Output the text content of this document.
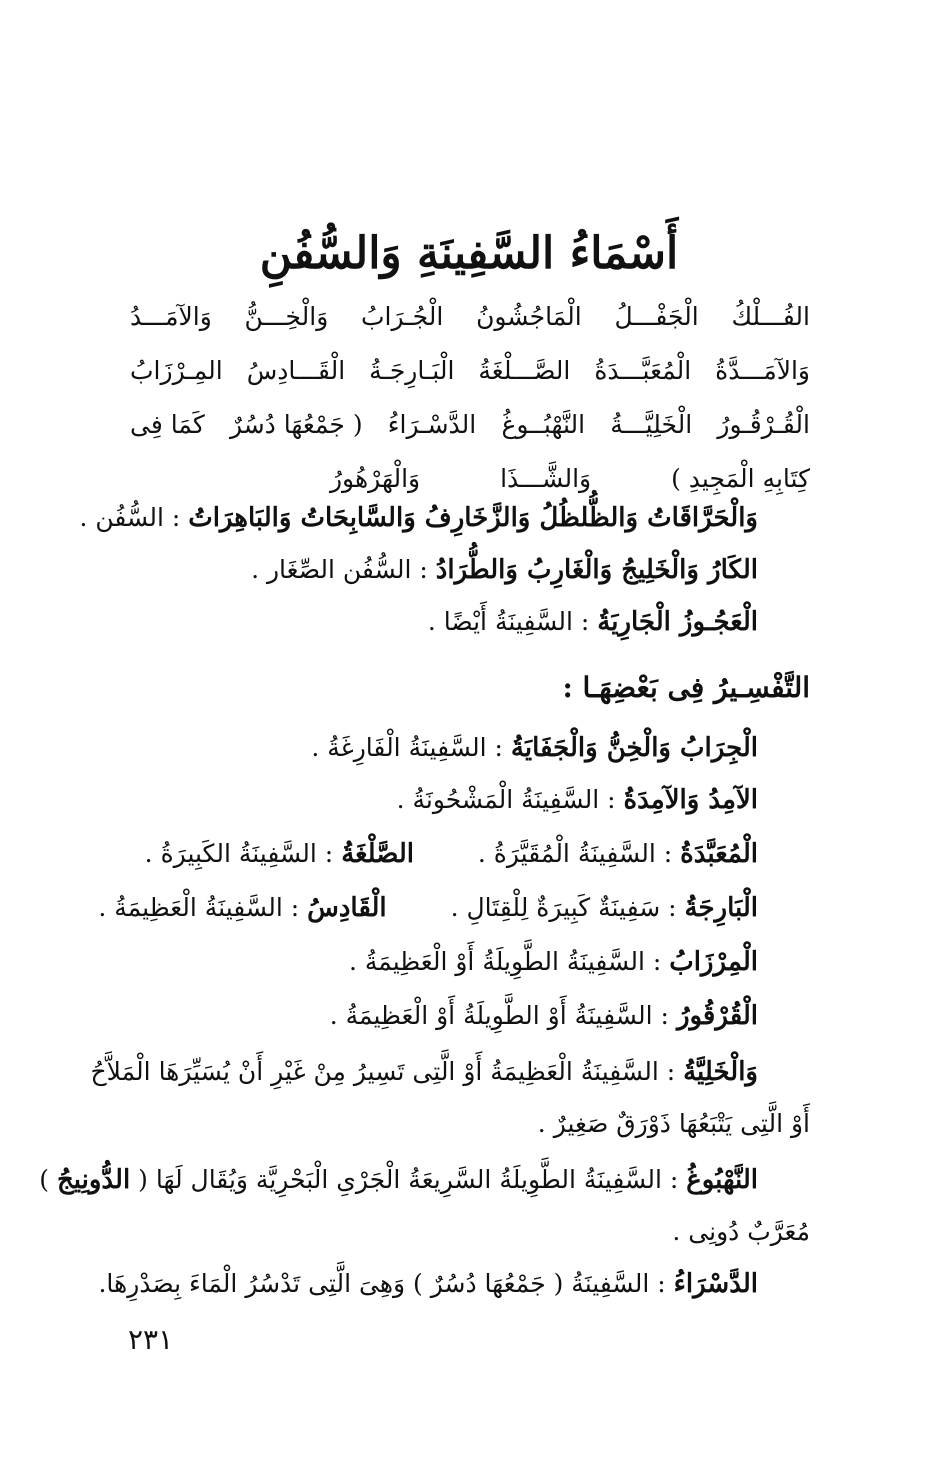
أَسْمَاءُ السَّفِينَةِ وَالسُّفُنِ
الفُـــلْكُ
الْجَفْـــلُ
الْمَاجُشُونُ
الْجُـرَابُ
وَالْخِـــنُّ
وَالآمَـــدُ
وَالآمَـــدَّةُ
الْمُعَبَّـــدَةُ
الصَّـــلْغَةُ
الْبَـارِجَـةُ
الْقَـــادِسُ
المِـرْزَابُ
الْقُـرْقُـورُ
الْخَلِيَّـــةُ
النَّهْبُــوغُ
الدَّسْـرَاءُ
( جَمْعُهَا دُسُرٌ
كَمَا فِى
كِتَابِهِ الْمَجِيدِ )
وَالشَّـــذَا
وَالْهَرْهُورُ
وَالْحَرَّاقَاتُ وَالظُّلظُلُ وَالزَّخَارِفُ وَالسَّابِحَاتُ وَالبَاهِرَاتُ : السُّفُن .
الكَارُ وَالْخَلِيجُ وَالْغَارِبُ وَالطُّرَادُ : السُّفُن الصِّغَار .
الْعَجُـوزُ الْجَارِيَةُ : السَّفِينَةُ أَيْضًا .
التَّفْسِـيرُ فِى بَعْضِهَـا :
الْجِرَابُ وَالْخِنُّ وَالْجَفَايَةُ : السَّفِينَةُ الْفَارِغَةُ .
الآمِدُ وَالآمِدَةُ : السَّفِينَةُ الْمَشْحُونَةُ .
الْمُعَبَّدَةُ : السَّفِينَةُ الْمُقَيَّرَةُ .  الصَّلْغَةُ : السَّفِينَةُ الكَبِيرَةُ .
الْبَارِجَةُ : سَفِينَةٌ كَبِيرَةٌ لِلْقِتَالِ .  الْقَادِسُ : السَّفِينَةُ الْعَظِيمَةُ .
الْمِرْزَابُ : السَّفِينَةُ الطَّوِيلَةُ أَوْ الْعَظِيمَةُ .
الْقُرْقُورُ : السَّفِينَةُ أَوْ الطَّوِيلَةُ أَوْ الْعَظِيمَةُ .
وَالْخَلِيَّةُ : السَّفِينَةُ الْعَظِيمَةُ أَوْ الَّتِى تَسِيرُ مِنْ غَيْرِ أَنْ يُسَيِّرَهَا الْمَلاَّحُ
أَوْ الَّتِى يَتْبَعُهَا ذَوْرَقٌ صَغِيرٌ .
النَّهْبُوغُ : السَّفِينَةُ الطَّوِيلَةُ السَّرِيعَةُ الْجَرْىِ الْبَحْرِيَّة وَيُقَال لَهَا ( الدُّونِيجُ )
مُعَرَّبٌ دُونِى .
الدَّسْرَاءُ : السَّفِينَةُ ( جَمْعُهَا دُسُرٌ ) وَهِىَ الَّتِى تَدْسُرُ الْمَاءَ بِصَدْرِهَا.
٢٣١
